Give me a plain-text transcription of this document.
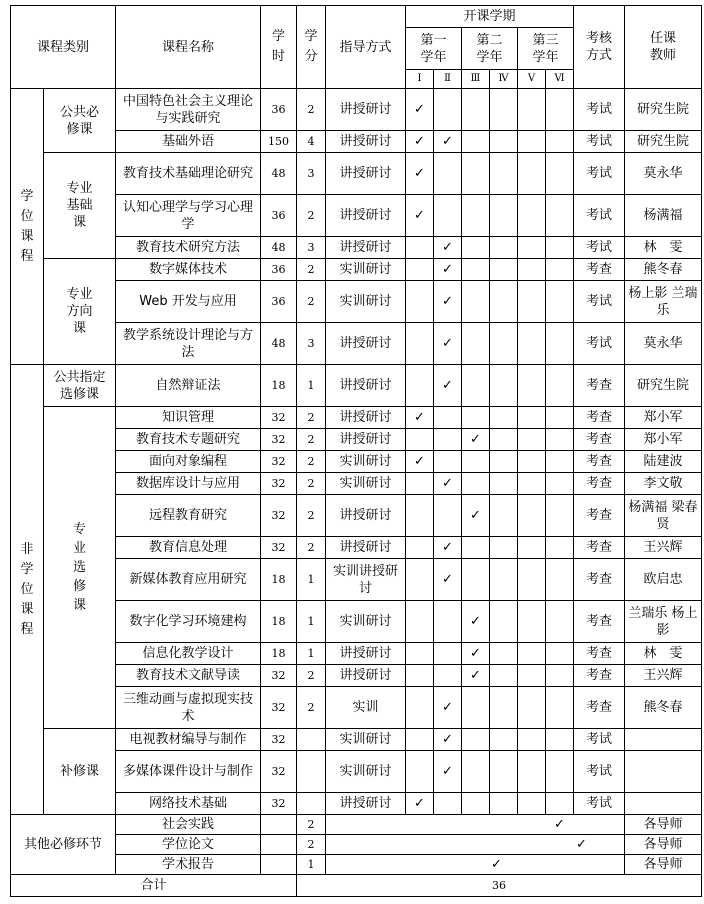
课程类别		课程名称	学时	学分	指导方式	开课学期						考核方式	任课教师

						第一学年		第二学年		第三学年			

						Ⅰ	Ⅱ	Ⅲ	Ⅳ	Ⅴ	Ⅵ		

学位课程	公共必修课	中国特色社会主义理论与实践研究	36	2	讲授研讨	✓						考试	研究生院
		基础外语	150	4	讲授研讨	✓	✓					考试	研究生院

	专业基础课	教育技术基础理论研究	48	3	讲授研讨	✓						考试	莫永华
		认知心理学与学习心理学	36	2	讲授研讨	✓						考试	杨满福
		教育技术研究方法	48	3	讲授研讨		✓					考试	林　雯

	专业方向课	数字媒体技术	36	2	实训研讨		✓					考查	熊冬春
		Web 开发与应用	36	2	实训研讨		✓					考试	杨上影 兰瑞乐
		教学系统设计理论与方法	48	3	讲授研讨		✓					考试	莫永华

非学位课程	公共指定选修课	自然辩证法	18	1	讲授研讨		✓					考查	研究生院

	专业选修课	知识管理	32	2	讲授研讨	✓						考查	郑小军
		教育技术专题研究	32	2	讲授研讨			✓				考查	郑小军
		面向对象编程	32	2	实训研讨	✓						考查	陆建波
		数据库设计与应用	32	2	实训研讨		✓					考查	李文敬
		远程教育研究	32	2	讲授研讨			✓				考查	杨满福 梁春贤
		教育信息处理	32	2	讲授研讨		✓					考查	王兴辉
		新媒体教育应用研究	18	1	实训讲授研讨		✓					考查	欧启忠
		数字化学习环境建构	18	1	实训研讨			✓				考查	兰瑞乐 杨上影
		信息化教学设计	18	1	讲授研讨			✓				考查	林　雯
		教育技术文献导读	32	2	讲授研讨			✓				考查	王兴辉
		三维动画与虚拟现实技术	32	2	实训		✓					考查	熊冬春
	补修课	电视教材编导与制作	32		实训研讨		✓					考试	
		多媒体课件设计与制作	32		实训研讨		✓					考试	
		网络技术基础	32		讲授研讨	✓						考试	
其他必修环节		社会实践		2	✓								各导师
		学位论文		2	✓								各导师
		学术报告		1	✓								各导师
合计				36									
